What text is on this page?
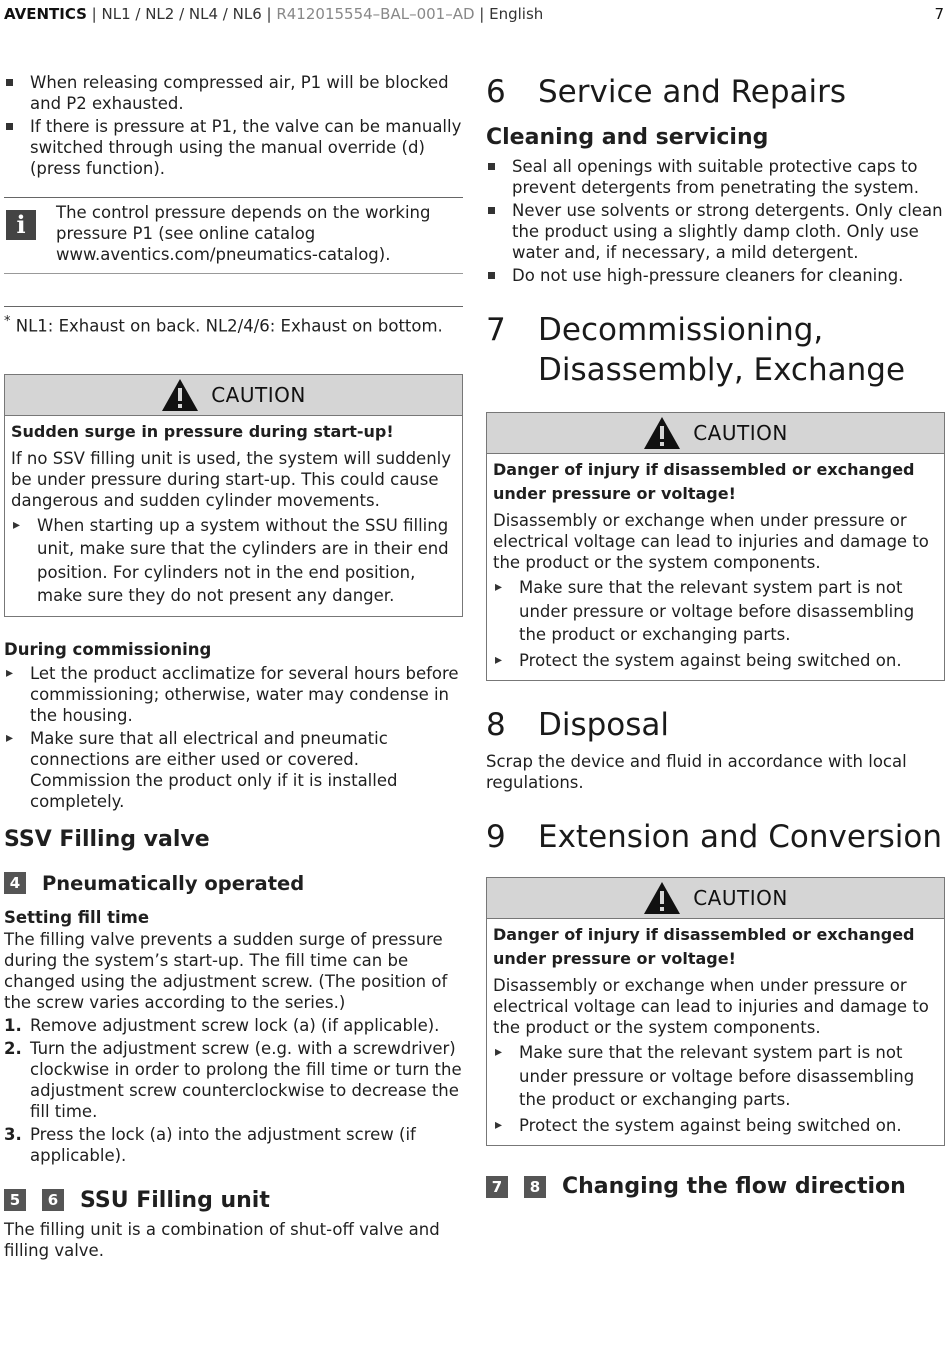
AVENTICS | NL1 / NL2 / NL4 / NL6 | R412015554–BAL–001–AD | English	7
When releasing compressed air, P1 will be blocked and P2 exhausted.
If there is pressure at P1, the valve can be manually switched through using the manual override (d) (press function).
i	The control pressure depends on the working pressure P1 (see online catalog www.aventics.com/pneumatics-catalog).

* NL1: Exhaust on back. NL2/4/6: Exhaust on bottom.

CAUTION

Sudden surge in pressure during start-up!

If no SSV filling unit is used, the system will suddenly be under pressure during start-up. This could cause dangerous and sudden cylinder movements.

▸ When starting up a system without the SSU filling unit, make sure that the cylinders are in their end position. For cylinders not in the end position, make sure they do not present any danger.

During commissioning

▸ Let the product acclimatize for several hours before commissioning; otherwise, water may condense in the housing.
▸ Make sure that all electrical and pneumatic connections are either used or covered. Commission the product only if it is installed completely.

SSV Filling valve

4 Pneumatically operated

Setting fill time

The filling valve prevents a sudden surge of pressure during the system’s start-up. The fill time can be changed using the adjustment screw. (The position of the screw varies according to the series.)

1. Remove adjustment screw lock (a) (if applicable).
2. Turn the adjustment screw (e.g. with a screwdriver) clockwise in order to prolong the fill time or turn the adjustment screw counterclockwise to decrease the fill time.
3. Press the lock (a) into the adjustment screw (if applicable).
5	6 SSU Filling unit

The filling unit is a combination of shut-off valve and filling valve.

6	Service and Repairs

Cleaning and servicing

Seal all openings with suitable protective caps to prevent detergents from penetrating the system.
Never use solvents or strong detergents. Only clean the product using a slightly damp cloth. Only use water and, if necessary, a mild detergent.
Do not use high-pressure cleaners for cleaning.
7	Decommissioning, Disassembly, Exchange
CAUTION

Danger of injury if disassembled or exchanged under pressure or voltage!

Disassembly or exchange when under pressure or electrical voltage can lead to injuries and damage to the product or the system components.

▸ Make sure that the relevant system part is not under pressure or voltage before disassembling the product or exchanging parts.
▸ Protect the system against being switched on.
8	Disposal

Scrap the device and fluid in accordance with local regulations.

9	Extension and Conversion
CAUTION

Danger of injury if disassembled or exchanged under pressure or voltage!

Disassembly or exchange when under pressure or electrical voltage can lead to injuries and damage to the product or the system components.

▸ Make sure that the relevant system part is not under pressure or voltage before disassembling the product or exchanging parts.
▸ Protect the system against being switched on.
7	8 Changing the flow direction
